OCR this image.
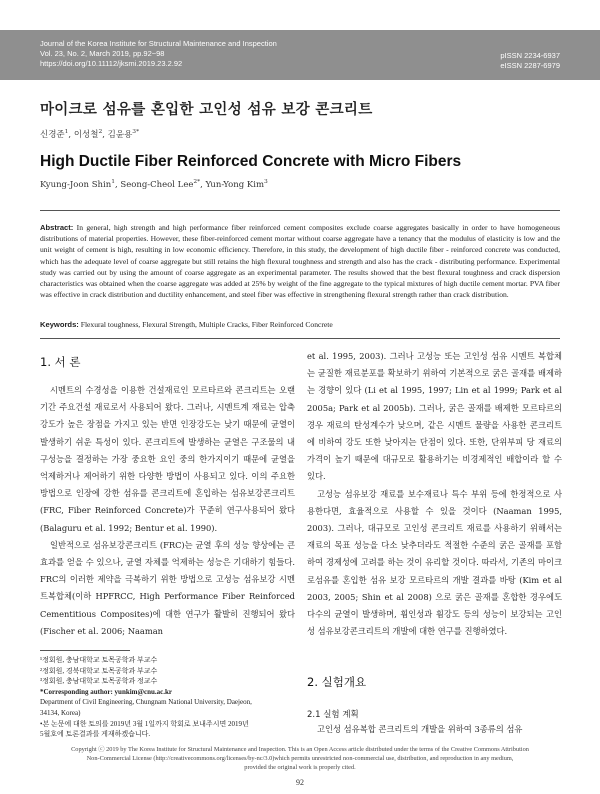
Journal of the Korea Institute for Structural Maintenance and Inspection
Vol. 23, No. 2, March 2019, pp.92~98
https://doi.org/10.11112/jksmi.2019.23.2.92
pISSN 2234-6937
eISSN 2287-6979
마이크로 섬유를 혼입한 고인성 섬유 보강 콘크리트
신경준$^1$, 이성철$^2$, 김윤용$^{3*}$
High Ductile Fiber Reinforced Concrete with Micro Fibers
Kyung-Joon Shin$^1$, Seong-Cheol Lee$^{2*}$, Yun-Yong Kim$^3$
Abstract: In general, high strength and high performance fiber reinforced cement composites exclude coarse aggregates basically in order to have homogeneous distributions of material properties. However, these fiber-reinforced cement mortar without coarse aggregate have a tenancy that the modulus of elasticity is low and the unit weight of cement is high, resulting in low economic efficiency. Therefore, in this study, the development of high ductile fiber - reinforced concrete was conducted, which has the adequate level of coarse aggregate but still retains the high flexural toughness and strength and also has the crack - distributing performance. Experimental study was carried out by using the amount of coarse aggregate as an experimental parameter. The results showed that the best flexural toughness and crack dispersion characteristics was obtained when the coarse aggregate was added at 25% by weight of the fine aggregate to the typical mixtures of high ductile cement mortar. PVA fiber was effective in crack distribution and ductility enhancement, and steel fiber was effective in strengthening flexural strength rather than crack distribution.
Keywords: Flexural toughness, Flexural Strength, Multiple Cracks, Fiber Reinforced Concrete
1. 서 론

시멘트의 수경성을 이용한 건설재료인 모르타르와 콘크리트는 오랜 기간 주요건설 재료로서 사용되어 왔다. 그러나, 시멘트계 재료는 압축강도가 높은 장점을 가지고 있는 반면 인장강도는 낮기 때문에 균열이 발생하기 쉬운 특성이 있다. 콘크리트에 발생하는 균열은 구조물의 내구성능을 결정하는 가장 중요한 요인 중의 한가지이기 때문에 균열을 억제하거나 제어하기 위한 다양한 방법이 사용되고 있다. 이의 주요한 방법으로 인장에 강한 섬유를 콘크리트에 혼입하는 섬유보강콘크리트(FRC, Fiber Reinforced Concrete)가 꾸준히 연구사용되어 왔다(Balaguru et al. 1992; Bentur et al. 1990).

일반적으로 섬유보강콘크리트 (FRC)는 균열 후의 성능 향상에는 큰 효과를 얻을 수 있으나, 균열 자체를 억제하는 성능은 기대하기 힘들다. FRC의 이러한 제약을 극복하기 위한 방법으로 고성능 섬유보강 시멘트복합체(이하 HPFRCC, High Performance Fiber Reinforced Cementitious Composites)에 대한 연구가 활발히 진행되어 왔다(Fischer et al. 2006; Naaman

et al. 1995, 2003). 그러나 고성능 또는 고인성 섬유 시멘트 복합체는 균질한 재료분포를 확보하기 위하여 기본적으로 굵은 골재를 배제하는 경향이 있다 (Li et al 1995, 1997; Lin et al 1999; Park et al 2005a; Park et al 2005b). 그러나, 굵은 골재를 배제한 모르타르의 경우 재료의 탄성계수가 낮으며, 같은 시멘트 물량을 사용한 콘크리트에 비하여 강도 또한 낮아지는 단점이 있다. 또한, 단위부피 당 재료의 가격이 높기 때문에 대규모로 활용하기는 비경제적인 배합이라 할 수 있다.

고성능 섬유보강 재료를 보수재료나 특수 부위 등에 한정적으로 사용한다면, 효율적으로 사용할 수 있을 것이다 (Naaman 1995, 2003). 그러나, 대규모로 고인성 콘크리트 재료를 사용하기 위해서는 재료의 목표 성능을 다소 낮추더라도 적절한 수준의 굵은 골재를 포함하여 경제성에 고려를 하는 것이 유리할 것이다. 따라서, 기존의 마이크로섬유를 혼입한 섬유 보강 모르타르의 개발 결과를 바탕 (Kim et al 2003, 2005; Shin et al 2008) 으로 굵은 골재를 혼합한 경우에도 다수의 균열이 발생하며, 휨인성과 휨강도 등의 성능이 보강되는 고인성 섬유보강콘크리트의 개발에 대한 연구를 진행하였다.

2. 실험개요
2.1 실험 계획
고인성 섬유복합 콘크리트의 개발을 위하여 3종류의 섬유
¹정회원, 충남대학교 토목공학과 부교수
²정회원, 경북대학교 토목공학과 부교수
³정회원, 충남대학교 토목공학과 정교수
*Corresponding author: yunkim@cnu.ac.kr
Department of Civil Engineering, Chungnam National University, Daejeon,
34134, Korea)
•본 논문에 대한 토의를 2019년 3월 1일까지 학회로 보내주시면 2019년
5월호에 토론결과를 게재하겠습니다.
Copyright ⓒ 2019 by The Korea Institute for Structural Maintenance and Inspection. This is an Open Access article distributed under the terms of the Creative Commons Attribution
Non-Commercial License (http://creativecommons.org/licenses/by-nc/3.0)which permits unrestricted non-commercial use, distribution, and reproduction in any medium,
provided the original work is properly cited.
92
